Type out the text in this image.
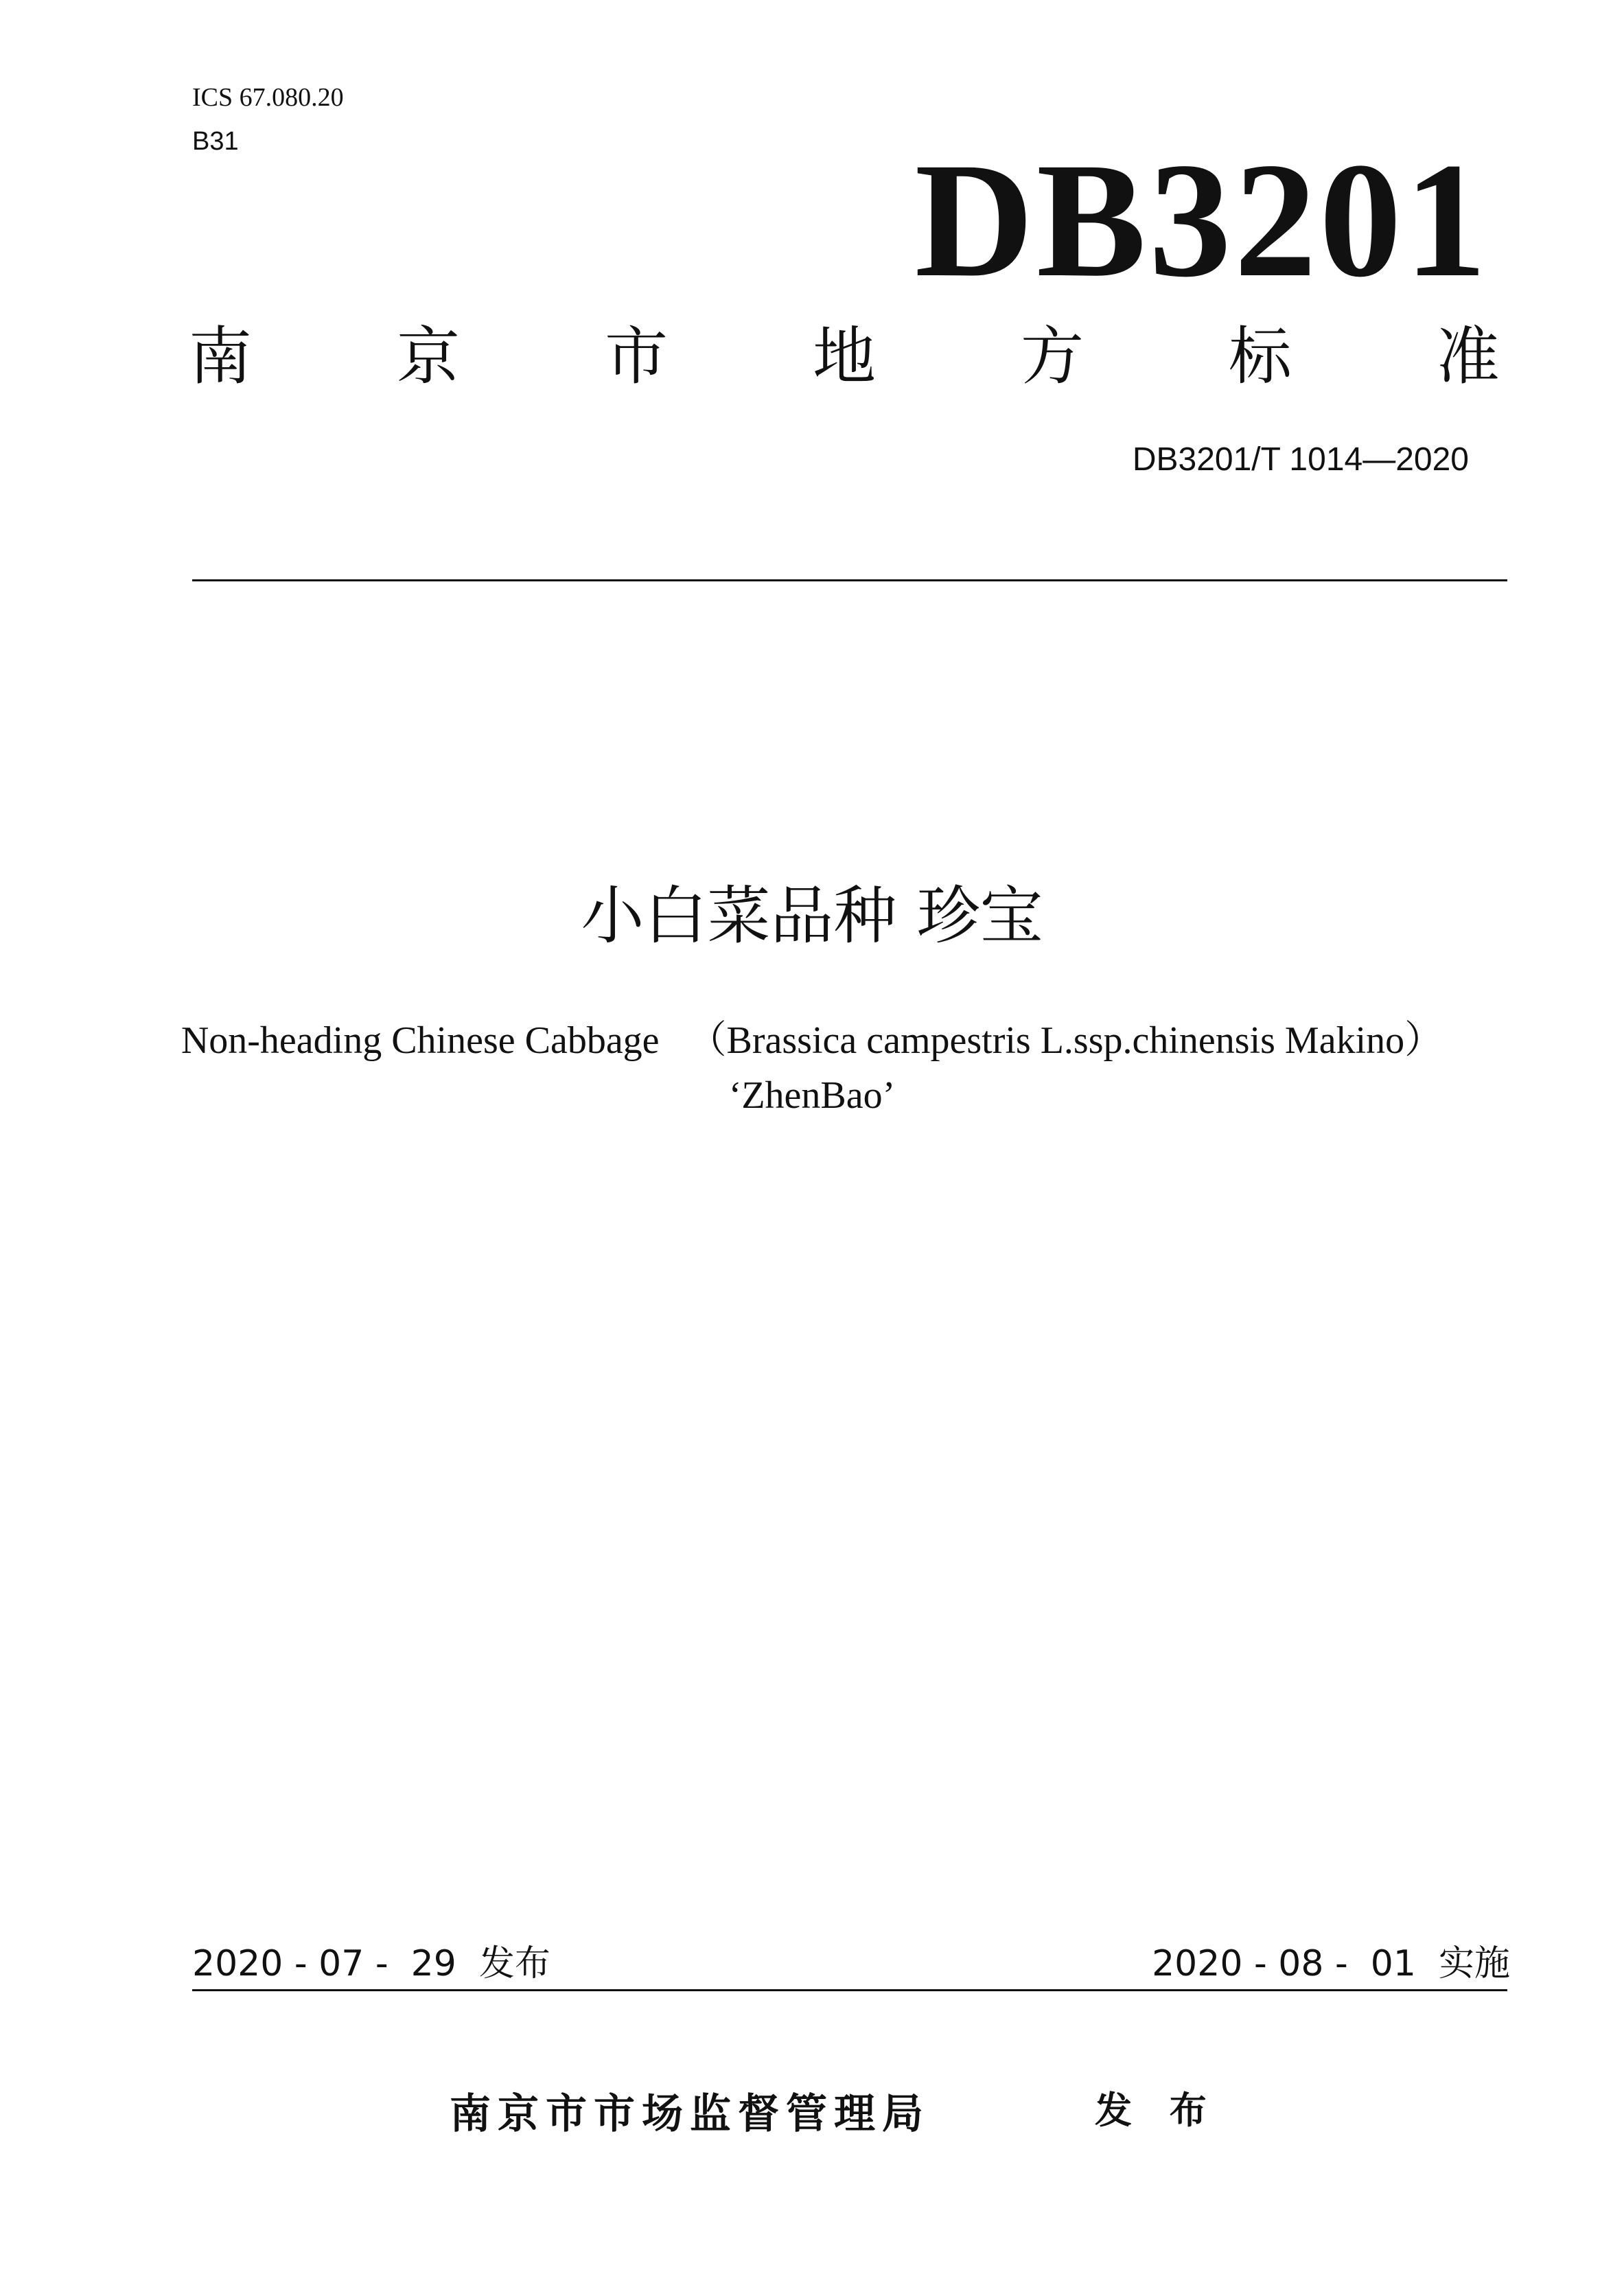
ICS 67.080.20
B31	DB3201
南 京 市 地 方 标 准
DB3201/T 1014—2020
小白菜品种 珍宝
Non-heading Chinese Cabbage   （Brassica campestris L.ssp.chinensis Makino）
‘ZhenBao’
2020 - 07 -  29  发布	2020 - 08 -  01  实施
南京市市场监督管理局	发 布
